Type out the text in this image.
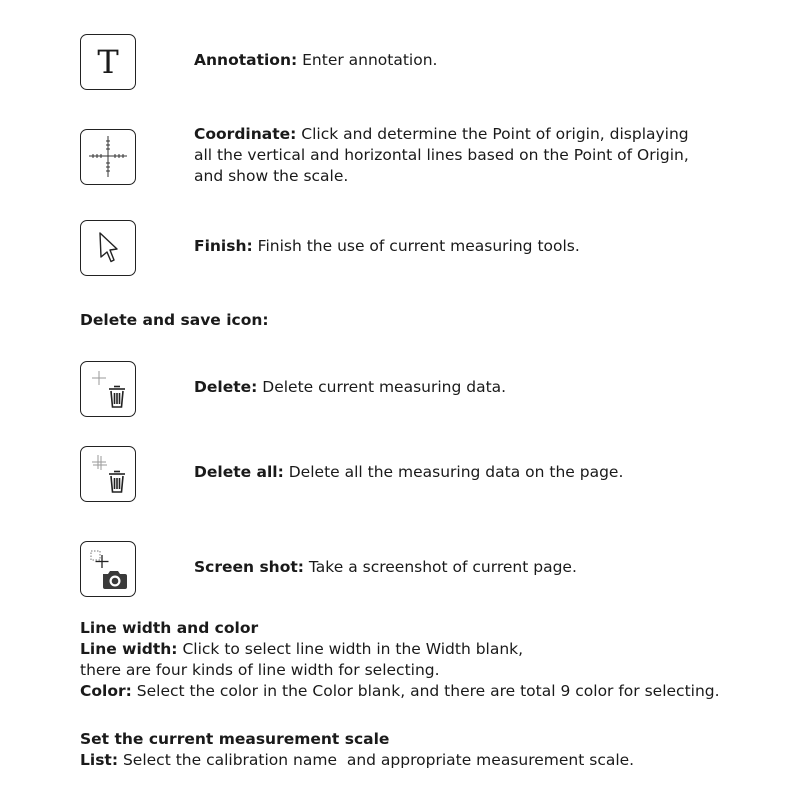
T	Annotation: Enter annotation.

Coordinate: Click and determine the Point of origin, displaying
all the vertical and horizontal lines based on the Point of Origin,
and show the scale.

Finish: Finish the use of current measuring tools.

Delete and save icon:

Delete: Delete current measuring data.

Delete all: Delete all the measuring data on the page.

Screen shot: Take a screenshot of current page.

Line width and color
Line width: Click to select line width in the Width blank,
there are four kinds of line width for selecting.
Color: Select the color in the Color blank, and there are total 9 color for selecting.
Set the current measurement scale
List: Select the calibration name  and appropriate measurement scale.
